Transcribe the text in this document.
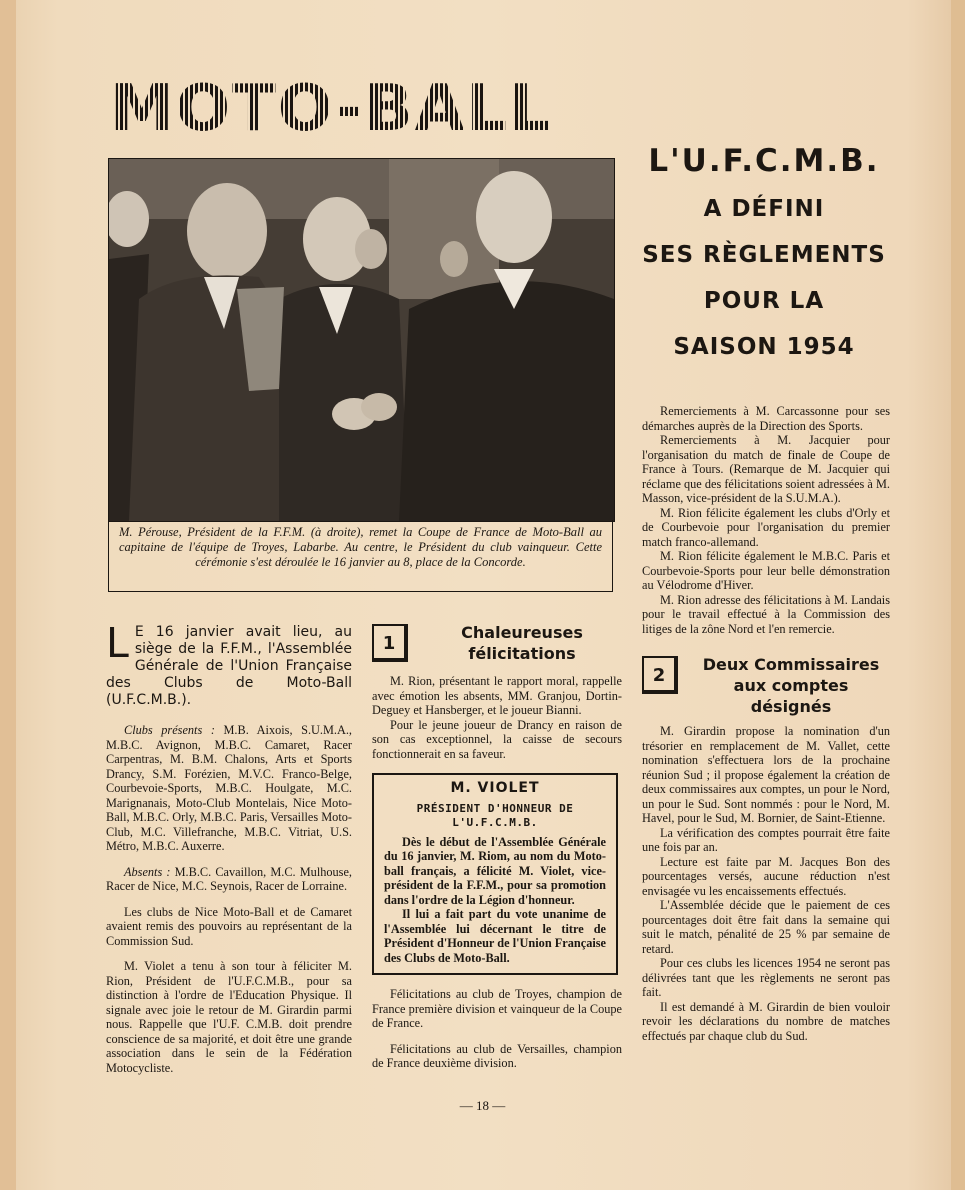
MOTO-BALL
M. Pérouse, Président de la F.F.M. (à droite), remet la Coupe de France de Moto-Ball au capitaine de l'équipe de Troyes, Labarbe. Au centre, le Président du club vainqueur. Cette cérémonie s'est déroulée le 16 janvier au 8, place de la Concorde.
L'U.F.C.M.B.
A DÉFINI
SES RÈGLEMENTS
POUR LA
SAISON 1954
L E 16 janvier avait lieu, au siège de la F.F.M., l'Assemblée Générale de l'Union Française des Clubs de Moto-Ball (U.F.C.M.B.).

Clubs présents : M.B. Aixois, S.U.M.A., M.B.C. Avignon, M.B.C. Camaret, Racer Carpentras, M. B.M. Chalons, Arts et Sports Drancy, S.M. Forézien, M.V.C. Franco-Belge, Courbevoie-Sports, M.B.C. Houlgate, M.C. Marignanais, Moto-Club Montelais, Nice Moto-Ball, M.B.C. Orly, M.B.C. Paris, Versailles Moto-Club, M.C. Villefranche, M.B.C. Vitriat, U.S. Métro, M.B.C. Auxerre.

Absents : M.B.C. Cavaillon, M.C. Mulhouse, Racer de Nice, M.C. Seynois, Racer de Lorraine.

Les clubs de Nice Moto-Ball et de Camaret avaient remis des pouvoirs au représentant de la Commission Sud.

M. Violet a tenu à son tour à féliciter M. Rion, Président de l'U.F.C.M.B., pour sa distinction à l'ordre de l'Education Physique. Il signale avec joie le retour de M. Girardin parmi nous. Rappelle que l'U.F. C.M.B. doit prendre conscience de sa majorité, et doit être une grande association dans le sein de la Fédération Motocycliste.

1
Chaleureuses
félicitations

M. Rion, présentant le rapport moral, rappelle avec émotion les absents, MM. Granjou, Dortin-Deguey et Hansberger, et le joueur Bianni.

Pour le jeune joueur de Drancy en raison de son cas exceptionnel, la caisse de secours fonctionnerait en sa faveur.

M. VIOLET
PRÉSIDENT D'HONNEUR DE L'U.F.C.M.B.

Dès le début de l'Assemblée Générale du 16 janvier, M. Riom, au nom du Moto-ball français, a félicité M. Violet, vice-président de la F.F.M., pour sa promotion dans l'ordre de la Légion d'honneur.

Il lui a fait part du vote unanime de l'Assemblée lui décernant le titre de Président d'Honneur de l'Union Française des Clubs de Moto-Ball.

Félicitations au club de Troyes, champion de France première division et vainqueur de la Coupe de France.

Félicitations au club de Versailles, champion de France deuxième division.

Remerciements à M. Carcassonne pour ses démarches auprès de la Direction des Sports.

Remerciements à M. Jacquier pour l'organisation du match de finale de Coupe de France à Tours. (Remarque de M. Jacquier qui réclame que des félicitations soient adressées à M. Masson, vice-président de la S.U.M.A.).

M. Rion félicite également les clubs d'Orly et de Courbevoie pour l'organisation du premier match franco-allemand.

M. Rion félicite également le M.B.C. Paris et Courbevoie-Sports pour leur belle démonstration au Vélodrome d'Hiver.

M. Rion adresse des félicitations à M. Landais pour le travail effectué à la Commission des litiges de la zône Nord et l'en remercie.

2
Deux Commissaires
aux comptes
désignés

M. Girardin propose la nomination d'un trésorier en remplacement de M. Vallet, cette nomination s'effectuera lors de la prochaine réunion Sud ; il propose également la création de deux commissaires aux comptes, un pour le Nord, un pour le Sud. Sont nommés : pour le Nord, M. Havel, pour le Sud, M. Bornier, de Saint-Etienne.

La vérification des comptes pourrait être faite une fois par an.

Lecture est faite par M. Jacques Bon des pourcentages versés, aucune réduction n'est envisagée vu les encaissements effectués.

L'Assemblée décide que le paiement de ces pourcentages doit être fait dans la semaine qui suit le match, pénalité de 25 % par semaine de retard.

Pour ces clubs les licences 1954 ne seront pas délivrées tant que les règlements ne seront pas fait.

Il est demandé à M. Girardin de bien vouloir revoir les déclarations du nombre de matches effectués par chaque club du Sud.

— 18 —
